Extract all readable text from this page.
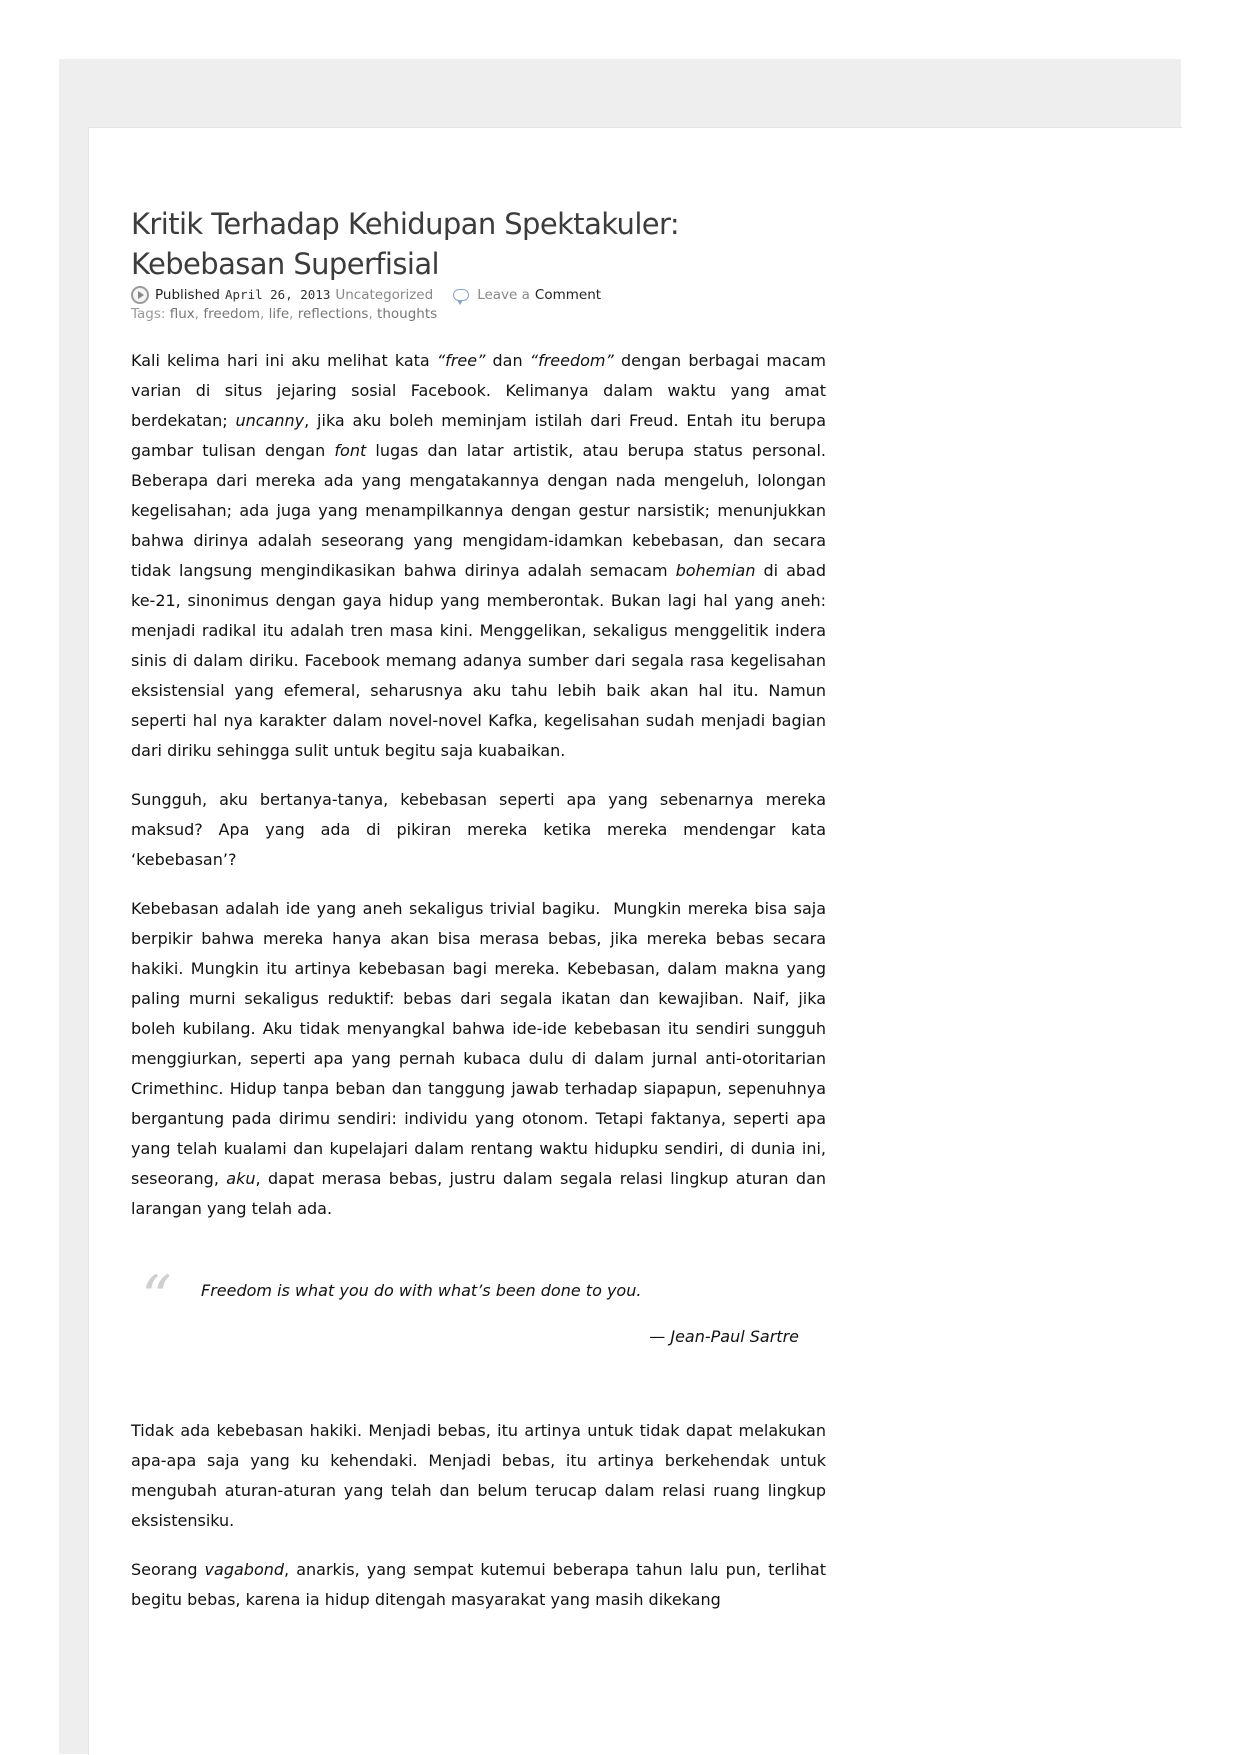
Kritik Terhadap Kehidupan Spektakuler:
Kebebasan Superfisial
Published April 26, 2013 Uncategorized	Leave a Comment
Tags: flux, freedom, life, reflections, thoughts

Kali kelima hari ini aku melihat kata “free” dan “freedom” dengan berbagai macam varian di situs jejaring sosial Facebook. Kelimanya dalam waktu yang amat berdekatan; uncanny, jika aku boleh meminjam istilah dari Freud. Entah itu berupa gambar tulisan dengan font lugas dan latar artistik, atau berupa status personal. Beberapa dari mereka ada yang mengatakannya dengan nada mengeluh, lolongan kegelisahan; ada juga yang menampilkannya dengan gestur narsistik; menunjukkan bahwa dirinya adalah seseorang yang mengidam-idamkan kebebasan, dan secara tidak langsung mengindikasikan bahwa dirinya adalah semacam bohemian di abad ke-21, sinonimus dengan gaya hidup yang memberontak. Bukan lagi hal yang aneh: menjadi radikal itu adalah tren masa kini. Menggelikan, sekaligus menggelitik indera sinis di dalam diriku. Facebook memang adanya sumber dari segala rasa kegelisahan eksistensial yang efemeral, seharusnya aku tahu lebih baik akan hal itu. Namun seperti hal nya karakter dalam novel-novel Kafka, kegelisahan sudah menjadi bagian dari diriku sehingga sulit untuk begitu saja kuabaikan.

Sungguh, aku bertanya-tanya, kebebasan seperti apa yang sebenarnya mereka maksud? Apa yang ada di pikiran mereka ketika mereka mendengar kata ‘kebebasan’?

Kebebasan adalah ide yang aneh sekaligus trivial bagiku.  Mungkin mereka bisa saja berpikir bahwa mereka hanya akan bisa merasa bebas, jika mereka bebas secara hakiki. Mungkin itu artinya kebebasan bagi mereka. Kebebasan, dalam makna yang paling murni sekaligus reduktif: bebas dari segala ikatan dan kewajiban. Naif, jika boleh kubilang. Aku tidak menyangkal bahwa ide-ide kebebasan itu sendiri sungguh menggiurkan, seperti apa yang pernah kubaca dulu di dalam jurnal anti-otoritarian Crimethinc. Hidup tanpa beban dan tanggung jawab terhadap siapapun, sepenuhnya bergantung pada dirimu sendiri: individu yang otonom. Tetapi faktanya, seperti apa yang telah kualami dan kupelajari dalam rentang waktu hidupku sendiri, di dunia ini, seseorang, aku, dapat merasa bebas, justru dalam segala relasi lingkup aturan dan larangan yang telah ada.

“ Freedom is what you do with what’s been done to you.
— Jean-Paul Sartre

Tidak ada kebebasan hakiki. Menjadi bebas, itu artinya untuk tidak dapat melakukan apa-apa saja yang ku kehendaki. Menjadi bebas, itu artinya berkehendak untuk mengubah aturan-aturan yang telah dan belum terucap dalam relasi ruang lingkup eksistensiku.

Seorang vagabond, anarkis, yang sempat kutemui beberapa tahun lalu pun, terlihat begitu bebas, karena ia hidup ditengah masyarakat yang masih dikekang
